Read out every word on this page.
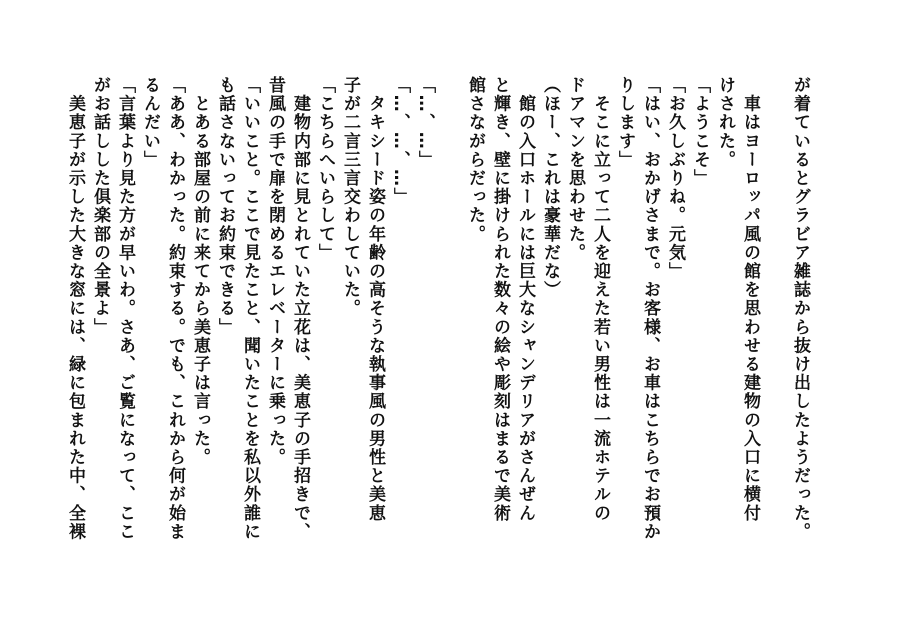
が着ているとグラビア雑誌から抜け出したようだった。
　車はヨーロッパ風の館を思わせる建物の入口に横付
けされた。
「ようこそ」
「お久しぶりね。元気」
「はい、おかげさまで。お客様、お車はこちらでお預か
りします」
　そこに立って二人を迎えた若い男性は一流ホテルの
ドアマンを思わせた。
（ほー、これは豪華だな）
　館の入口ホールには巨大なシャンデリアがさんぜん
と輝き、壁に掛けられた数々の絵や彫刻はまるで美術
館さながらだった。
「…、…」
「…、…、…」
　タキシード姿の年齢の高そうな執事風の男性と美恵
子が二言三言交わしていた。
「こちらへいらして」
　建物内部に見とれていた立花は、美恵子の手招きで、
昔風の手で扉を閉めるエレベーターに乗った。
「いいこと。ここで見たこと、聞いたことを私以外誰に
も話さないってお約束できる」
　とある部屋の前に来てから美恵子は言った。
「ああ、わかった。約束する。でも、これから何が始ま
るんだい」
「言葉より見た方が早いわ。さあ、ご覧になって、ここ
がお話しした倶楽部の全景よ」
　美恵子が示した大きな窓には、緑に包まれた中、全裸
